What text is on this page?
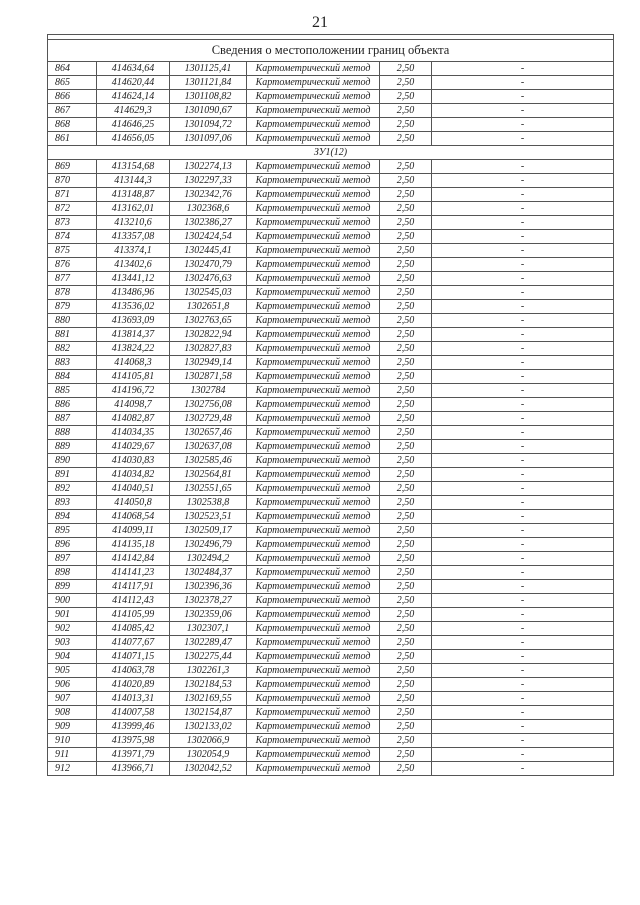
21

Сведения о местоположении границ объекта					
864	414634,64	1301125,41	Картометрический метод	2,50	-
865	414620,44	1301121,84	Картометрический метод	2,50	-
866	414624,14	1301108,82	Картометрический метод	2,50	-
867	414629,3	1301090,67	Картометрический метод	2,50	-
868	414646,25	1301094,72	Картометрический метод	2,50	-
861	414656,05	1301097,06	Картометрический метод	2,50	-
ЗУ1(12)					
869	413154,68	1302274,13	Картометрический метод	2,50	-
870	413144,3	1302297,33	Картометрический метод	2,50	-
871	413148,87	1302342,76	Картометрический метод	2,50	-
872	413162,01	1302368,6	Картометрический метод	2,50	-
873	413210,6	1302386,27	Картометрический метод	2,50	-
874	413357,08	1302424,54	Картометрический метод	2,50	-
875	413374,1	1302445,41	Картометрический метод	2,50	-
876	413402,6	1302470,79	Картометрический метод	2,50	-
877	413441,12	1302476,63	Картометрический метод	2,50	-
878	413486,96	1302545,03	Картометрический метод	2,50	-
879	413536,02	1302651,8	Картометрический метод	2,50	-
880	413693,09	1302763,65	Картометрический метод	2,50	-
881	413814,37	1302822,94	Картометрический метод	2,50	-
882	413824,22	1302827,83	Картометрический метод	2,50	-
883	414068,3	1302949,14	Картометрический метод	2,50	-
884	414105,81	1302871,58	Картометрический метод	2,50	-
885	414196,72	1302784	Картометрический метод	2,50	-
886	414098,7	1302756,08	Картометрический метод	2,50	-
887	414082,87	1302729,48	Картометрический метод	2,50	-
888	414034,35	1302657,46	Картометрический метод	2,50	-
889	414029,67	1302637,08	Картометрический метод	2,50	-
890	414030,83	1302585,46	Картометрический метод	2,50	-
891	414034,82	1302564,81	Картометрический метод	2,50	-
892	414040,51	1302551,65	Картометрический метод	2,50	-
893	414050,8	1302538,8	Картометрический метод	2,50	-
894	414068,54	1302523,51	Картометрический метод	2,50	-
895	414099,11	1302509,17	Картометрический метод	2,50	-
896	414135,18	1302496,79	Картометрический метод	2,50	-
897	414142,84	1302494,2	Картометрический метод	2,50	-
898	414141,23	1302484,37	Картометрический метод	2,50	-
899	414117,91	1302396,36	Картометрический метод	2,50	-
900	414112,43	1302378,27	Картометрический метод	2,50	-
901	414105,99	1302359,06	Картометрический метод	2,50	-
902	414085,42	1302307,1	Картометрический метод	2,50	-
903	414077,67	1302289,47	Картометрический метод	2,50	-
904	414071,15	1302275,44	Картометрический метод	2,50	-
905	414063,78	1302261,3	Картометрический метод	2,50	-
906	414020,89	1302184,53	Картометрический метод	2,50	-
907	414013,31	1302169,55	Картометрический метод	2,50	-
908	414007,58	1302154,87	Картометрический метод	2,50	-
909	413999,46	1302133,02	Картометрический метод	2,50	-
910	413975,98	1302066,9	Картометрический метод	2,50	-
911	413971,79	1302054,9	Картометрический метод	2,50	-
912	413966,71	1302042,52	Картометрический метод	2,50	-
